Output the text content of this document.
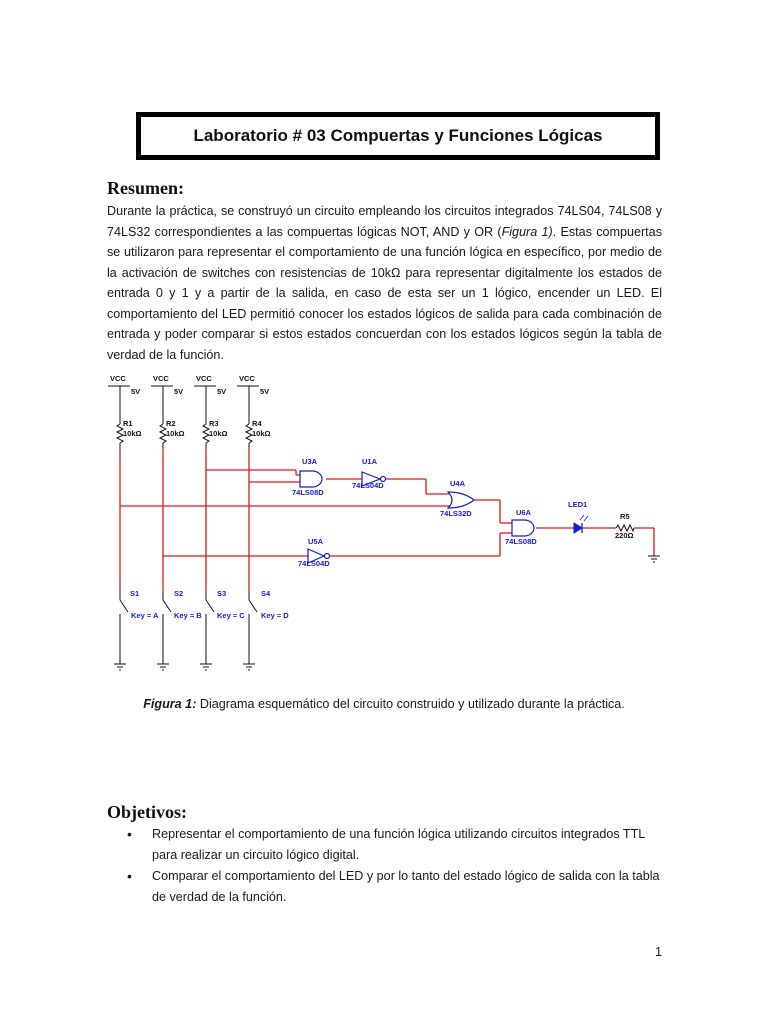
Laboratorio # 03 Compuertas y Funciones Lógicas
Resumen:

Durante la práctica, se construyó un circuito empleando los circuitos integrados 74LS04, 74LS08 y 74LS32 correspondientes a las compuertas lógicas NOT, AND y OR (Figura 1). Estas compuertas se utilizaron para representar el comportamiento de una función lógica en específico, por medio de la activación de switches con resistencias de 10kΩ para representar digitalmente los estados de entrada 0 y 1 y a partir de la salida, en caso de esta ser un 1 lógico, encender un LED. El comportamiento del LED permitió conocer los estados lógicos de salida para cada combinación de entrada y poder comparar si estos estados concuerdan con los estados lógicos según la tabla de verdad de la función.

VCC
5V
VCC
5V
VCC
5V
VCC
5V
R1
10kΩ
R2
10kΩ
R3
10kΩ
R4
10kΩ
U3A
74LS08D
U1A
74LS04D	U4A
74LS32D	U6A
74LS08D
U5A
74LS04D
LED1
R5
220Ω
S1
Key = A
S2
Key = B
S3
Key = C
S4
Key = D
Figura 1: Diagrama esquemático del circuito construido y utilizado durante la práctica.
Objetivos:
• Representar el comportamiento de una función lógica utilizando circuitos integrados TTL para realizar un circuito lógico digital.
• Comparar el comportamiento del LED y por lo tanto del estado lógico de salida con la tabla de verdad de la función.
1
